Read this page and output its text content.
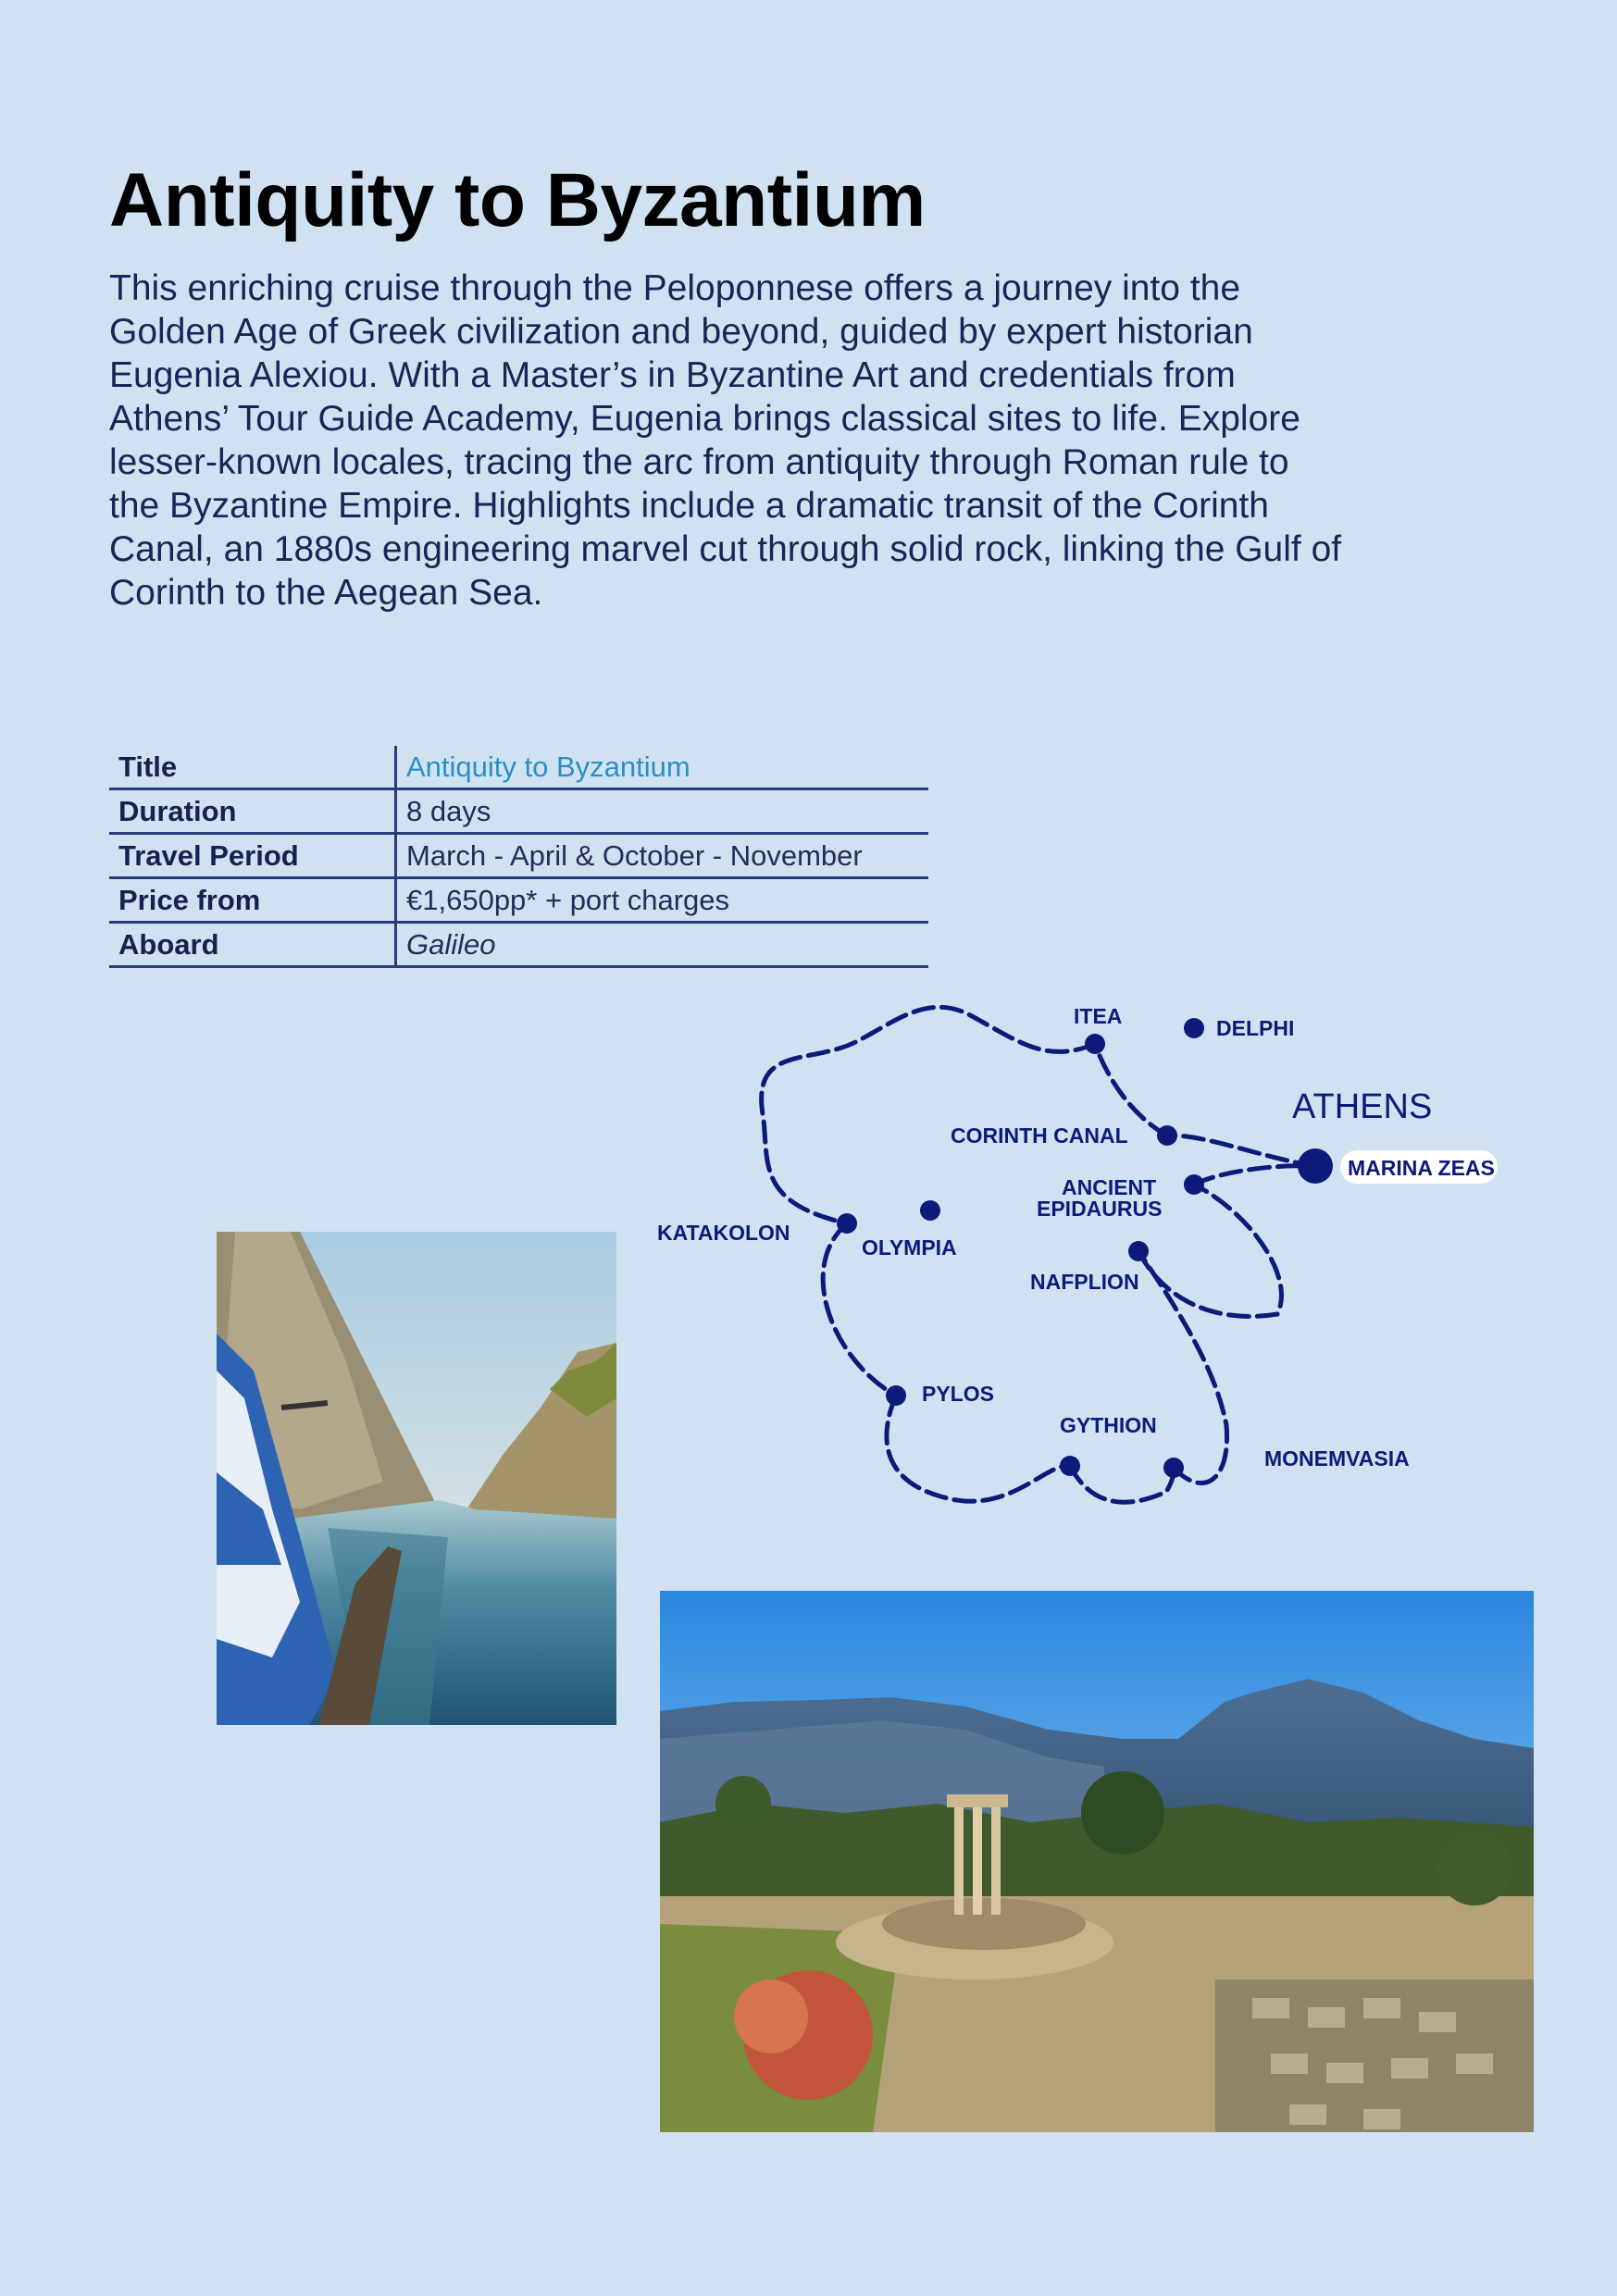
Antiquity to Byzantium

This enriching cruise through the Peloponnese offers a journey into the
Golden Age of Greek civilization and beyond, guided by expert historian
Eugenia Alexiou. With a Master’s in Byzantine Art and credentials from
Athens’ Tour Guide Academy, Eugenia brings classical sites to life. Explore
lesser-known locales, tracing the arc from antiquity through Roman rule to
the Byzantine Empire. Highlights include a dramatic transit of the Corinth
Canal, an 1880s engineering marvel cut through solid rock, linking the Gulf of
Corinth to the Aegean Sea.

Title	Antiquity to Byzantium
Duration	8 days
Travel Period	March - April & October - November
Price from	€1,650pp* + port charges
Aboard	Galileo
ITEA	DELPHI
CORINTH CANAL
ANCIENT
EPIDAURUS
KATAKOLON
OLYMPIA
NAFPLION
PYLOS
GYTHION
MONEMVASIA
ATHENS
MARINA ZEAS
